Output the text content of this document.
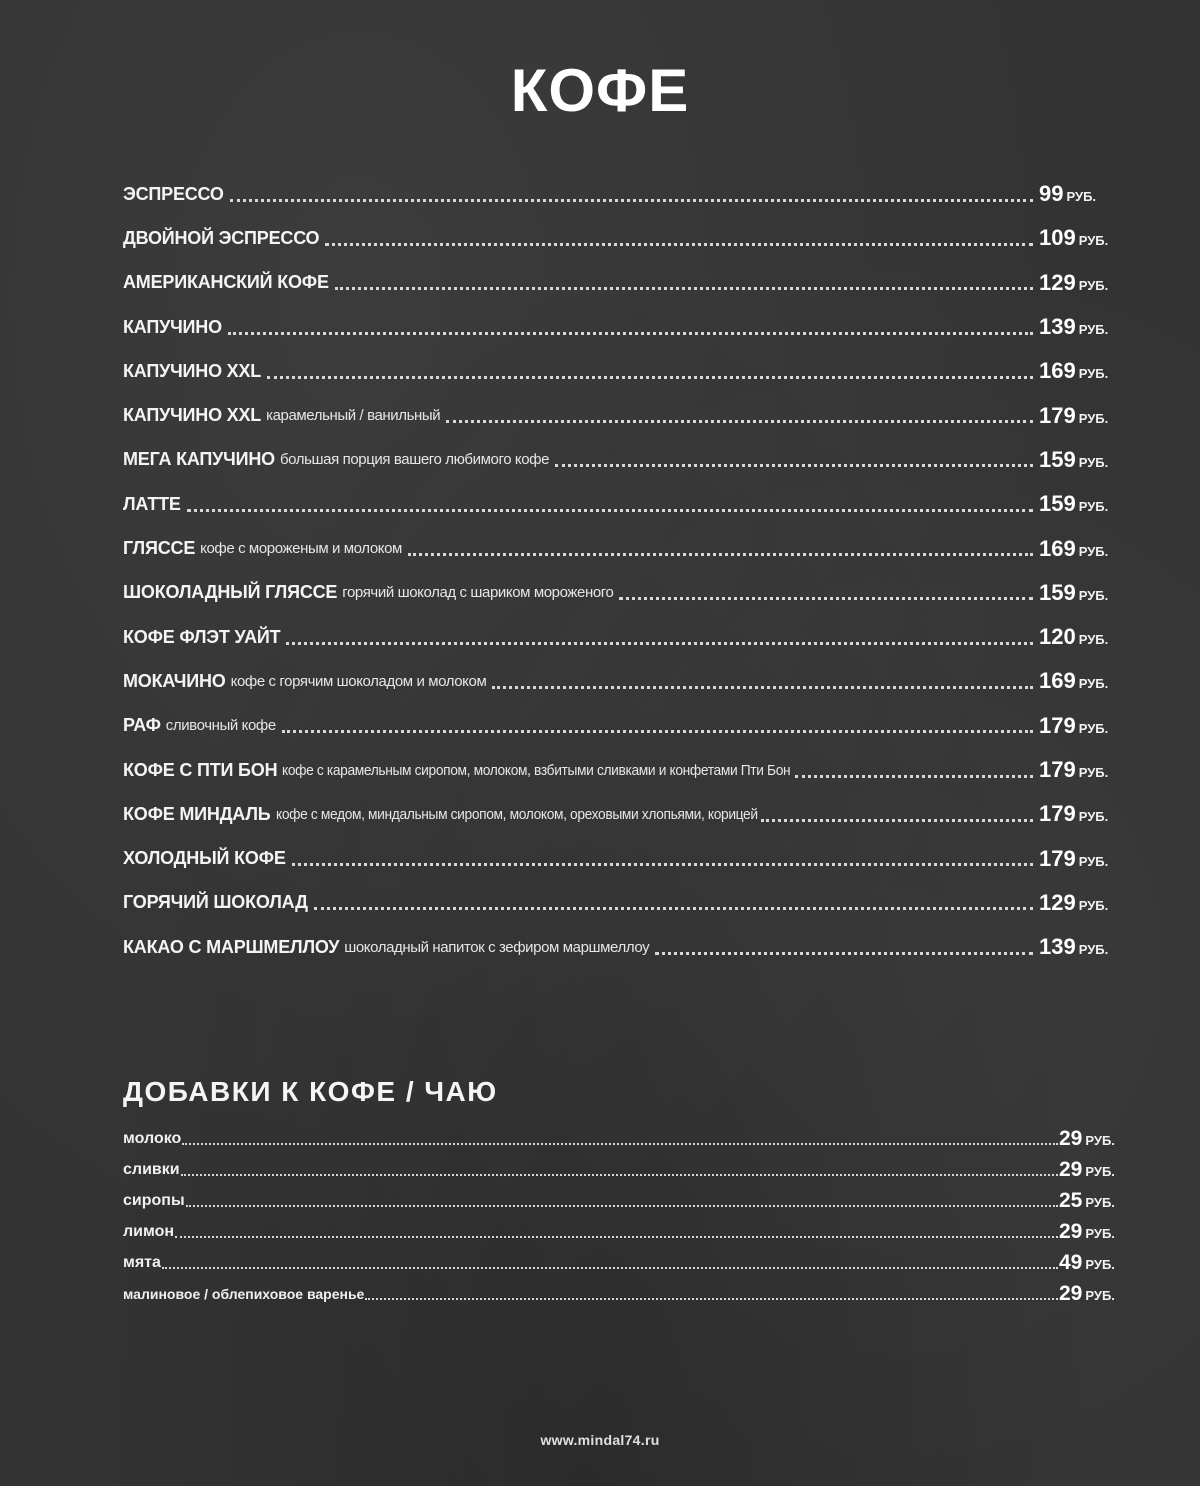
КОФЕ
ЭСПРЕССО	99 РУБ.
ДВОЙНОЙ ЭСПРЕССО	109 РУБ.
АМЕРИКАНСКИЙ КОФЕ	129 РУБ.
КАПУЧИНО	139 РУБ.
КАПУЧИНО XXL	169 РУБ.
КАПУЧИНО XXL карамельный / ванильный	179 РУБ.
МЕГА КАПУЧИНО большая порция вашего любимого кофе	159 РУБ.
ЛАТТЕ	159 РУБ.
ГЛЯССЕ кофе с мороженым и молоком	169 РУБ.
ШОКОЛАДНЫЙ ГЛЯССЕ горячий шоколад с шариком мороженого	159 РУБ.
КОФЕ ФЛЭТ УАЙТ	120 РУБ.
МОКАЧИНО кофе с горячим шоколадом и молоком	169 РУБ.
РАФ сливочный кофе	179 РУБ.
КОФЕ С ПТИ БОН кофе с карамельным сиропом, молоком, взбитыми сливками и конфетами Пти Бон	179 РУБ.
КОФЕ МИНДАЛЬ кофе с медом, миндальным сиропом, молоком, ореховыми хлопьями, корицей	179 РУБ.
ХОЛОДНЫЙ КОФЕ	179 РУБ.
ГОРЯЧИЙ ШОКОЛАД	129 РУБ.
КАКАО С МАРШМЕЛЛОУ шоколадный напиток с зефиром маршмеллоу	139 РУБ.
ДОБАВКИ К КОФЕ / ЧАЮ
молоко	29 РУБ.
сливки	29 РУБ.
сиропы	25 РУБ.
лимон	29 РУБ.
мята	49 РУБ.
малиновое / облепиховое варенье	29 РУБ.
www.mindal74.ru
